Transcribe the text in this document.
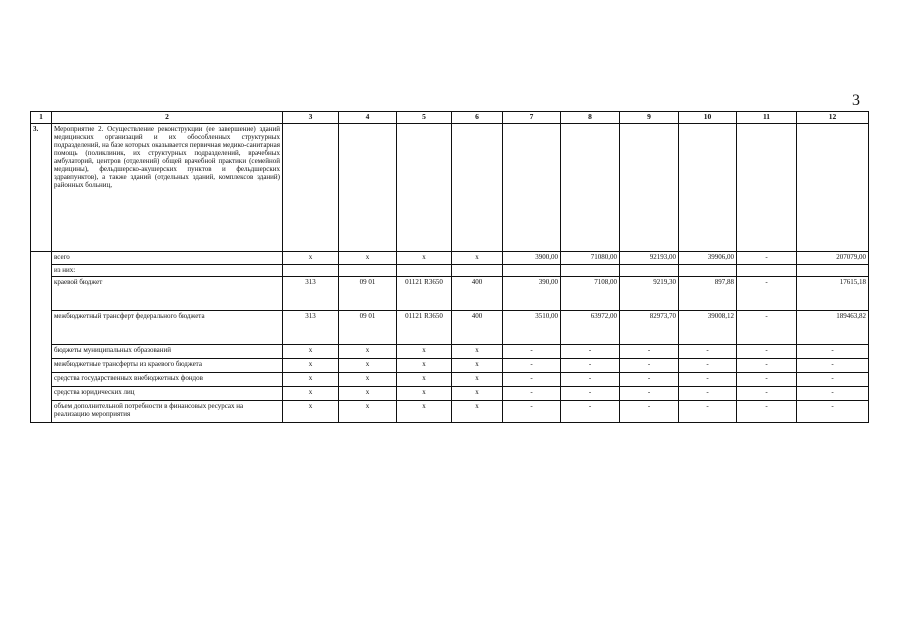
3
1	2	3	4	5	6	7	8	9	10	11	12
3.	Мероприятие 2. Осуществление реконструкции (ее завершение) зданий медицинских организаций и их обособленных структурных подразделений, на базе которых оказывается первичная медико-санитарная помощь (поликлиник, их структурных подразделений, врачебных амбулаторий, центров (отделений) общей врачебной практики (семейной медицины), фельдшерско-акушерских пунктов и фельдшерских здравпунктов), а также зданий (отдельных зданий, комплексов зданий) районных больниц,										
	всего	х	х	х	х	3900,00	71080,00	92193,00	39906,00	-	207079,00
	из них:										
	краевой бюджет	313	09 01	01121 R3650	400	390,00	7108,00	9219,30	897,88	-	17615,18
	межбюджетный трансферт федерального бюджета	313	09 01	01121 R3650	400	3510,00	63972,00	82973,70	39008,12	-	189463,82
	бюджеты муниципальных образований	х	х	х	х	-	-	-	-	-	-
	межбюджетные трансферты из краевого бюджета	х	х	х	х	-	-	-	-	-	-
	средства государственных внебюджетных фондов	х	х	х	х	-	-	-	-	-	-
	средства юридических лиц	х	х	х	х	-	-	-	-	-	-
	объем дополнительной потребности в финансовых ресурсах на реализацию мероприятия	х	х	х	х	-	-	-	-	-	-
